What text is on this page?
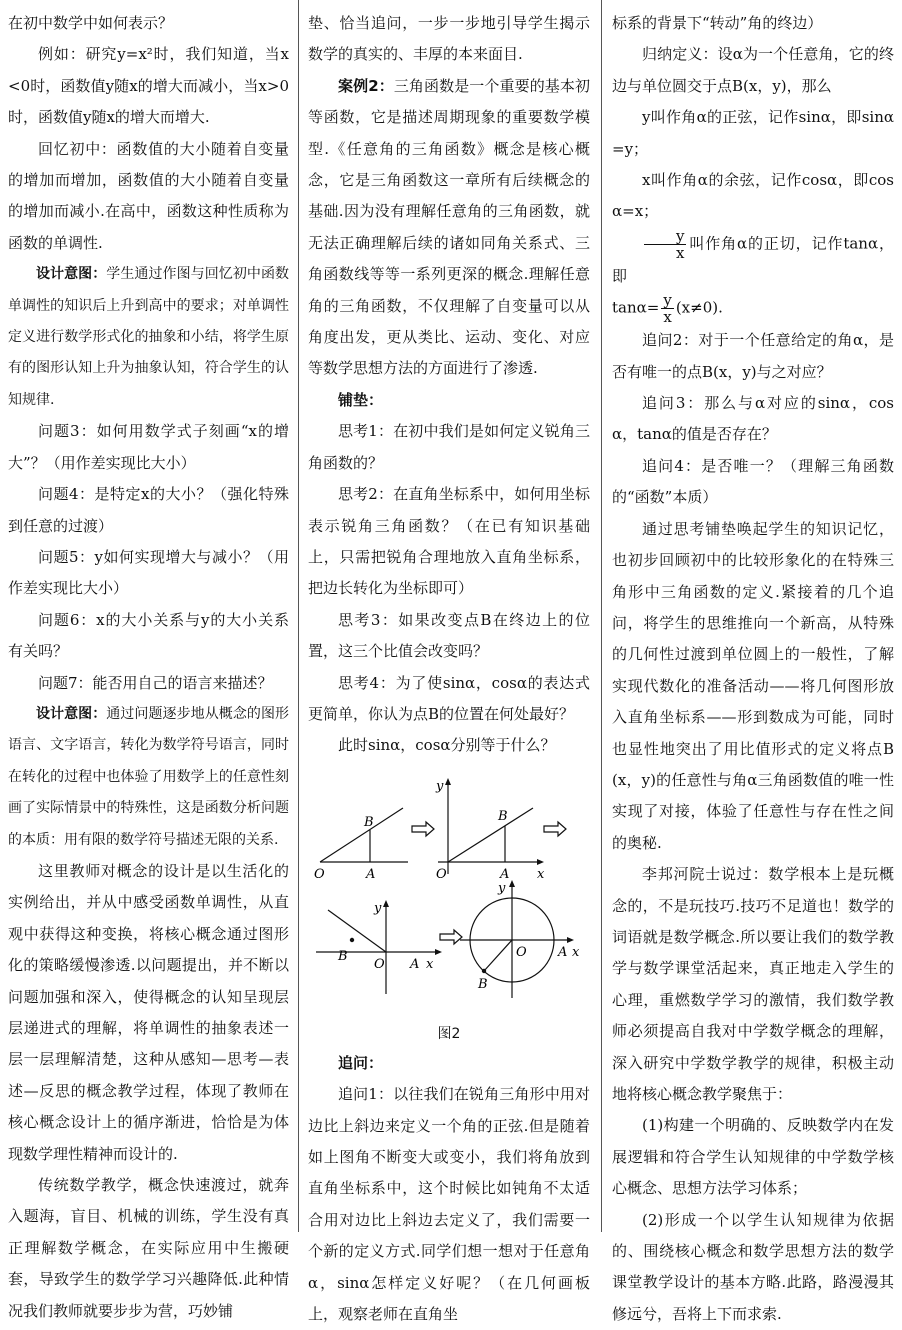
在初中数学中如何表示？

例如：研究y=x²时，我们知道，当x<0时，函数值y随x的增大而减小，当x>0时，函数值y随x的增大而增大.

回忆初中：函数值的大小随着自变量的增加而增加，函数值的大小随着自变量的增加而减小.在高中，函数这种性质称为函数的单调性.

设计意图：学生通过作图与回忆初中函数单调性的知识后上升到高中的要求；对单调性定义进行数学形式化的抽象和小结，将学生原有的图形认知上升为抽象认知，符合学生的认知规律.

问题3：如何用数学式子刻画“x的增大”？（用作差实现比大小）

问题4：是特定x的大小？（强化特殊到任意的过渡）

问题5：y如何实现增大与减小？（用作差实现比大小）

问题6：x的大小关系与y的大小关系有关吗？

问题7：能否用自己的语言来描述？

设计意图：通过问题逐步地从概念的图形语言、文字语言，转化为数学符号语言，同时在转化的过程中也体验了用数学上的任意性刻画了实际情景中的特殊性，这是函数分析问题的本质：用有限的数学符号描述无限的关系.

这里教师对概念的设计是以生活化的实例给出，并从中感受函数单调性，从直观中获得这种变换，将核心概念通过图形化的策略缓慢渗透.以问题提出，并不断以问题加强和深入，使得概念的认知呈现层层递进式的理解，将单调性的抽象表述一层一层理解清楚，这种从感知—思考—表述—反思的概念教学过程，体现了教师在核心概念设计上的循序渐进，恰恰是为体现数学理性精神而设计的.

传统数学教学，概念快速渡过，就奔入题海，盲目、机械的训练，学生没有真正理解数学概念，在实际应用中生搬硬套，导致学生的数学学习兴趣降低.此种情况我们教师就要步步为营，巧妙铺

垫、恰当追问，一步一步地引导学生揭示数学的真实的、丰厚的本来面目.

案例2：三角函数是一个重要的基本初等函数，它是描述周期现象的重要数学模型.《任意角的三角函数》概念是核心概念，它是三角函数这一章所有后续概念的基础.因为没有理解任意角的三角函数，就无法正确理解后续的诸如同角关系式、三角函数线等等一系列更深的概念.理解任意角的三角函数，不仅理解了自变量可以从角度出发，更从类比、运动、变化、对应等数学思想方法的方面进行了渗透.

铺垫：

思考1：在初中我们是如何定义锐角三角函数的？

思考2：在直角坐标系中，如何用坐标表示锐角三角函数？（在已有知识基础上，只需把锐角合理地放入直角坐标系，把边长转化为坐标即可）

思考3：如果改变点B在终边上的位置，这三个比值会改变吗？

思考4：为了使sinα，cosα的表达式更简单，你认为点B的位置在何处最好？

此时sinα，cosα分别等于什么？

O	A
B
O	A
B
x
y
O A x
y
B	O A x
y
B
图2

追问：

追问1：以往我们在锐角三角形中用对边比上斜边来定义一个角的正弦.但是随着如上图角不断变大或变小，我们将角放到直角坐标系中，这个时候比如钝角不太适合用对边比上斜边去定义了，我们需要一个新的定义方式.同学们想一想对于任意角α，sinα怎样定义好呢？（在几何画板上，观察老师在直角坐

标系的背景下“转动”角的终边）

归纳定义：设α为一个任意角，它的终边与单位圆交于点B(x，y)，那么

y叫作角α的正弦，记作sinα，即sinα=y；

x叫作角α的余弦，记作cosα，即cosα=x；

$\frac{y}{x}$ 叫作角α的正切，记作tanα，即

$\tan\alpha= \frac{y}{x} (x\ne 0)$.

追问2：对于一个任意给定的角α，是否有唯一的点B(x，y)与之对应？

追问3：那么与α对应的sinα，cosα，tanα的值是否存在？

追问4：是否唯一？（理解三角函数的“函数”本质）

通过思考铺垫唤起学生的知识记忆，也初步回顾初中的比较形象化的在特殊三角形中三角函数的定义.紧接着的几个追问，将学生的思维推向一个新高，从特殊的几何性过渡到单位圆上的一般性，了解实现代数化的准备活动——将几何图形放入直角坐标系——形到数成为可能，同时也显性地突出了用比值形式的定义将点B(x，y)的任意性与角α三角函数值的唯一性实现了对接，体验了任意性与存在性之间的奥秘.

李邦河院士说过：数学根本上是玩概念的，不是玩技巧.技巧不足道也！数学的词语就是数学概念.所以要让我们的数学教学与数学课堂活起来，真正地走入学生的心理，重燃数学学习的激情，我们数学教师必须提高自我对中学数学概念的理解，深入研究中学数学教学的规律，积极主动地将核心概念教学聚焦于：

(1)构建一个明确的、反映数学内在发展逻辑和符合学生认知规律的中学数学核心概念、思想方法学习体系；

(2)形成一个以学生认知规律为依据的、围绕核心概念和数学思想方法的数学课堂教学设计的基本方略.此路，路漫漫其修远兮，吾将上下而求索.
